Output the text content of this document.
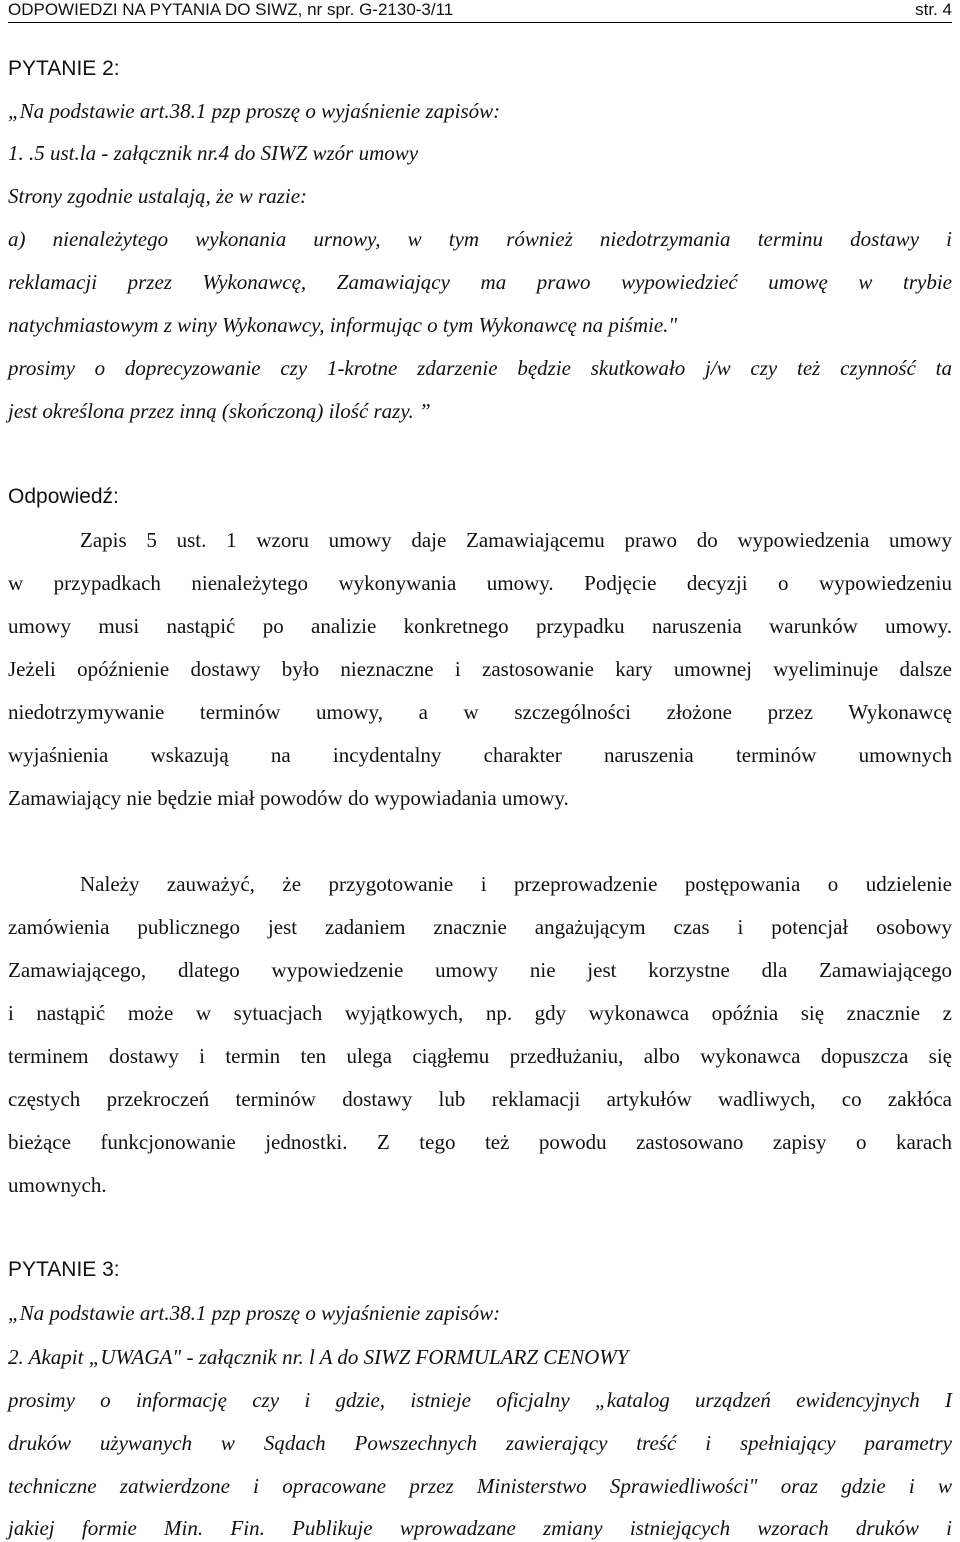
ODPOWIEDZI NA PYTANIA DO SIWZ, nr spr. G-2130-3/11	str. 4
PYTANIE 2:
„Na podstawie art.38.1 pzp proszę o wyjaśnienie zapisów:
1. .5 ust.la - załącznik nr.4 do SIWZ wzór umowy
Strony zgodnie ustalają, że w razie:
a) nienależytego wykonania urnowy, w tym również niedotrzymania terminu dostawy i
reklamacji przez Wykonawcę, Zamawiający ma prawo wypowiedzieć umowę w trybie
natychmiastowym z winy Wykonawcy, informując o tym Wykonawcę na piśmie."
prosimy o doprecyzowanie czy 1-krotne zdarzenie będzie skutkowało j/w czy też czynność ta
jest określona przez inną (skończoną) ilość razy. ”
Odpowiedź:
Zapis 5 ust. 1 wzoru umowy daje Zamawiającemu prawo do wypowiedzenia umowy
w przypadkach nienależytego wykonywania umowy. Podjęcie decyzji o wypowiedzeniu
umowy musi nastąpić po analizie konkretnego przypadku naruszenia warunków umowy.
Jeżeli opóźnienie dostawy było nieznaczne i zastosowanie kary umownej wyeliminuje dalsze
niedotrzymywanie terminów umowy, a w szczególności złożone przez Wykonawcę
wyjaśnienia wskazują na incydentalny charakter naruszenia terminów umownych
Zamawiający nie będzie miał powodów do wypowiadania umowy.
Należy zauważyć, że przygotowanie i przeprowadzenie postępowania o udzielenie
zamówienia publicznego jest zadaniem znacznie angażującym czas i potencjał osobowy
Zamawiającego, dlatego wypowiedzenie umowy nie jest korzystne dla Zamawiającego
i nastąpić może w sytuacjach wyjątkowych, np. gdy wykonawca opóźnia się znacznie z
terminem dostawy i termin ten ulega ciągłemu przedłużaniu, albo wykonawca dopuszcza się
częstych przekroczeń terminów dostawy lub reklamacji artykułów wadliwych, co zakłóca
bieżące funkcjonowanie jednostki. Z tego też powodu zastosowano zapisy o karach
umownych.
PYTANIE 3:
„Na podstawie art.38.1 pzp proszę o wyjaśnienie zapisów:
2. Akapit „UWAGA" - załącznik nr. l A do SIWZ FORMULARZ CENOWY
prosimy o informację czy i gdzie, istnieje oficjalny „katalog urządzeń ewidencyjnych I
druków używanych w Sądach Powszechnych zawierający treść i spełniający parametry
techniczne zatwierdzone i opracowane przez Ministerstwo Sprawiedliwości" oraz gdzie i w
jakiej formie Min. Fin. Publikuje wprowadzane zmiany istniejących wzorach druków i
